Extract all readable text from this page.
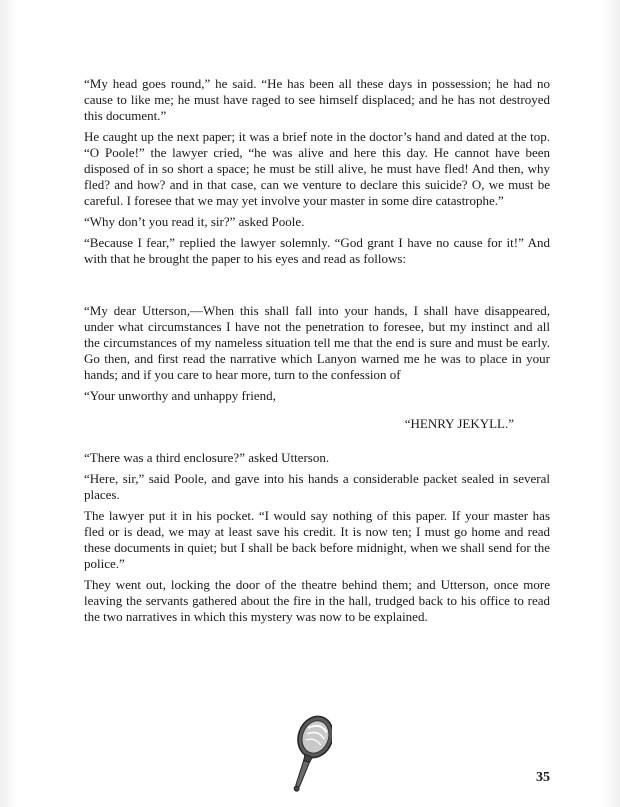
“My head goes round,” he said. “He has been all these days in possession; he had no cause to like me; he must have raged to see himself displaced; and he has not destroyed this document.”

He caught up the next paper; it was a brief note in the doctor’s hand and dated at the top. “O Poole!” the lawyer cried, “he was alive and here this day. He cannot have been disposed of in so short a space; he must be still alive, he must have fled! And then, why fled? and how? and in that case, can we venture to declare this suicide? O, we must be careful. I foresee that we may yet involve your master in some dire catastrophe.”

“Why don’t you read it, sir?” asked Poole.

“Because I fear,” replied the lawyer solemnly. “God grant I have no cause for it!” And with that he brought the paper to his eyes and read as follows:

“My dear Utterson,—When this shall fall into your hands, I shall have disappeared, under what circumstances I have not the penetration to foresee, but my instinct and all the circumstances of my nameless situation tell me that the end is sure and must be early. Go then, and first read the narrative which Lanyon warned me he was to place in your hands; and if you care to hear more, turn to the confession of

“Your unworthy and unhappy friend,

“HENRY JEKYLL.”

“There was a third enclosure?” asked Utterson.

“Here, sir,” said Poole, and gave into his hands a considerable packet sealed in several places.

The lawyer put it in his pocket. “I would say nothing of this paper. If your master has fled or is dead, we may at least save his credit. It is now ten; I must go home and read these documents in quiet; but I shall be back before midnight, when we shall send for the police.”

They went out, locking the door of the theatre behind them; and Utterson, once more leaving the servants gathered about the fire in the hall, trudged back to his office to read the two narratives in which this mystery was now to be explained.

35
